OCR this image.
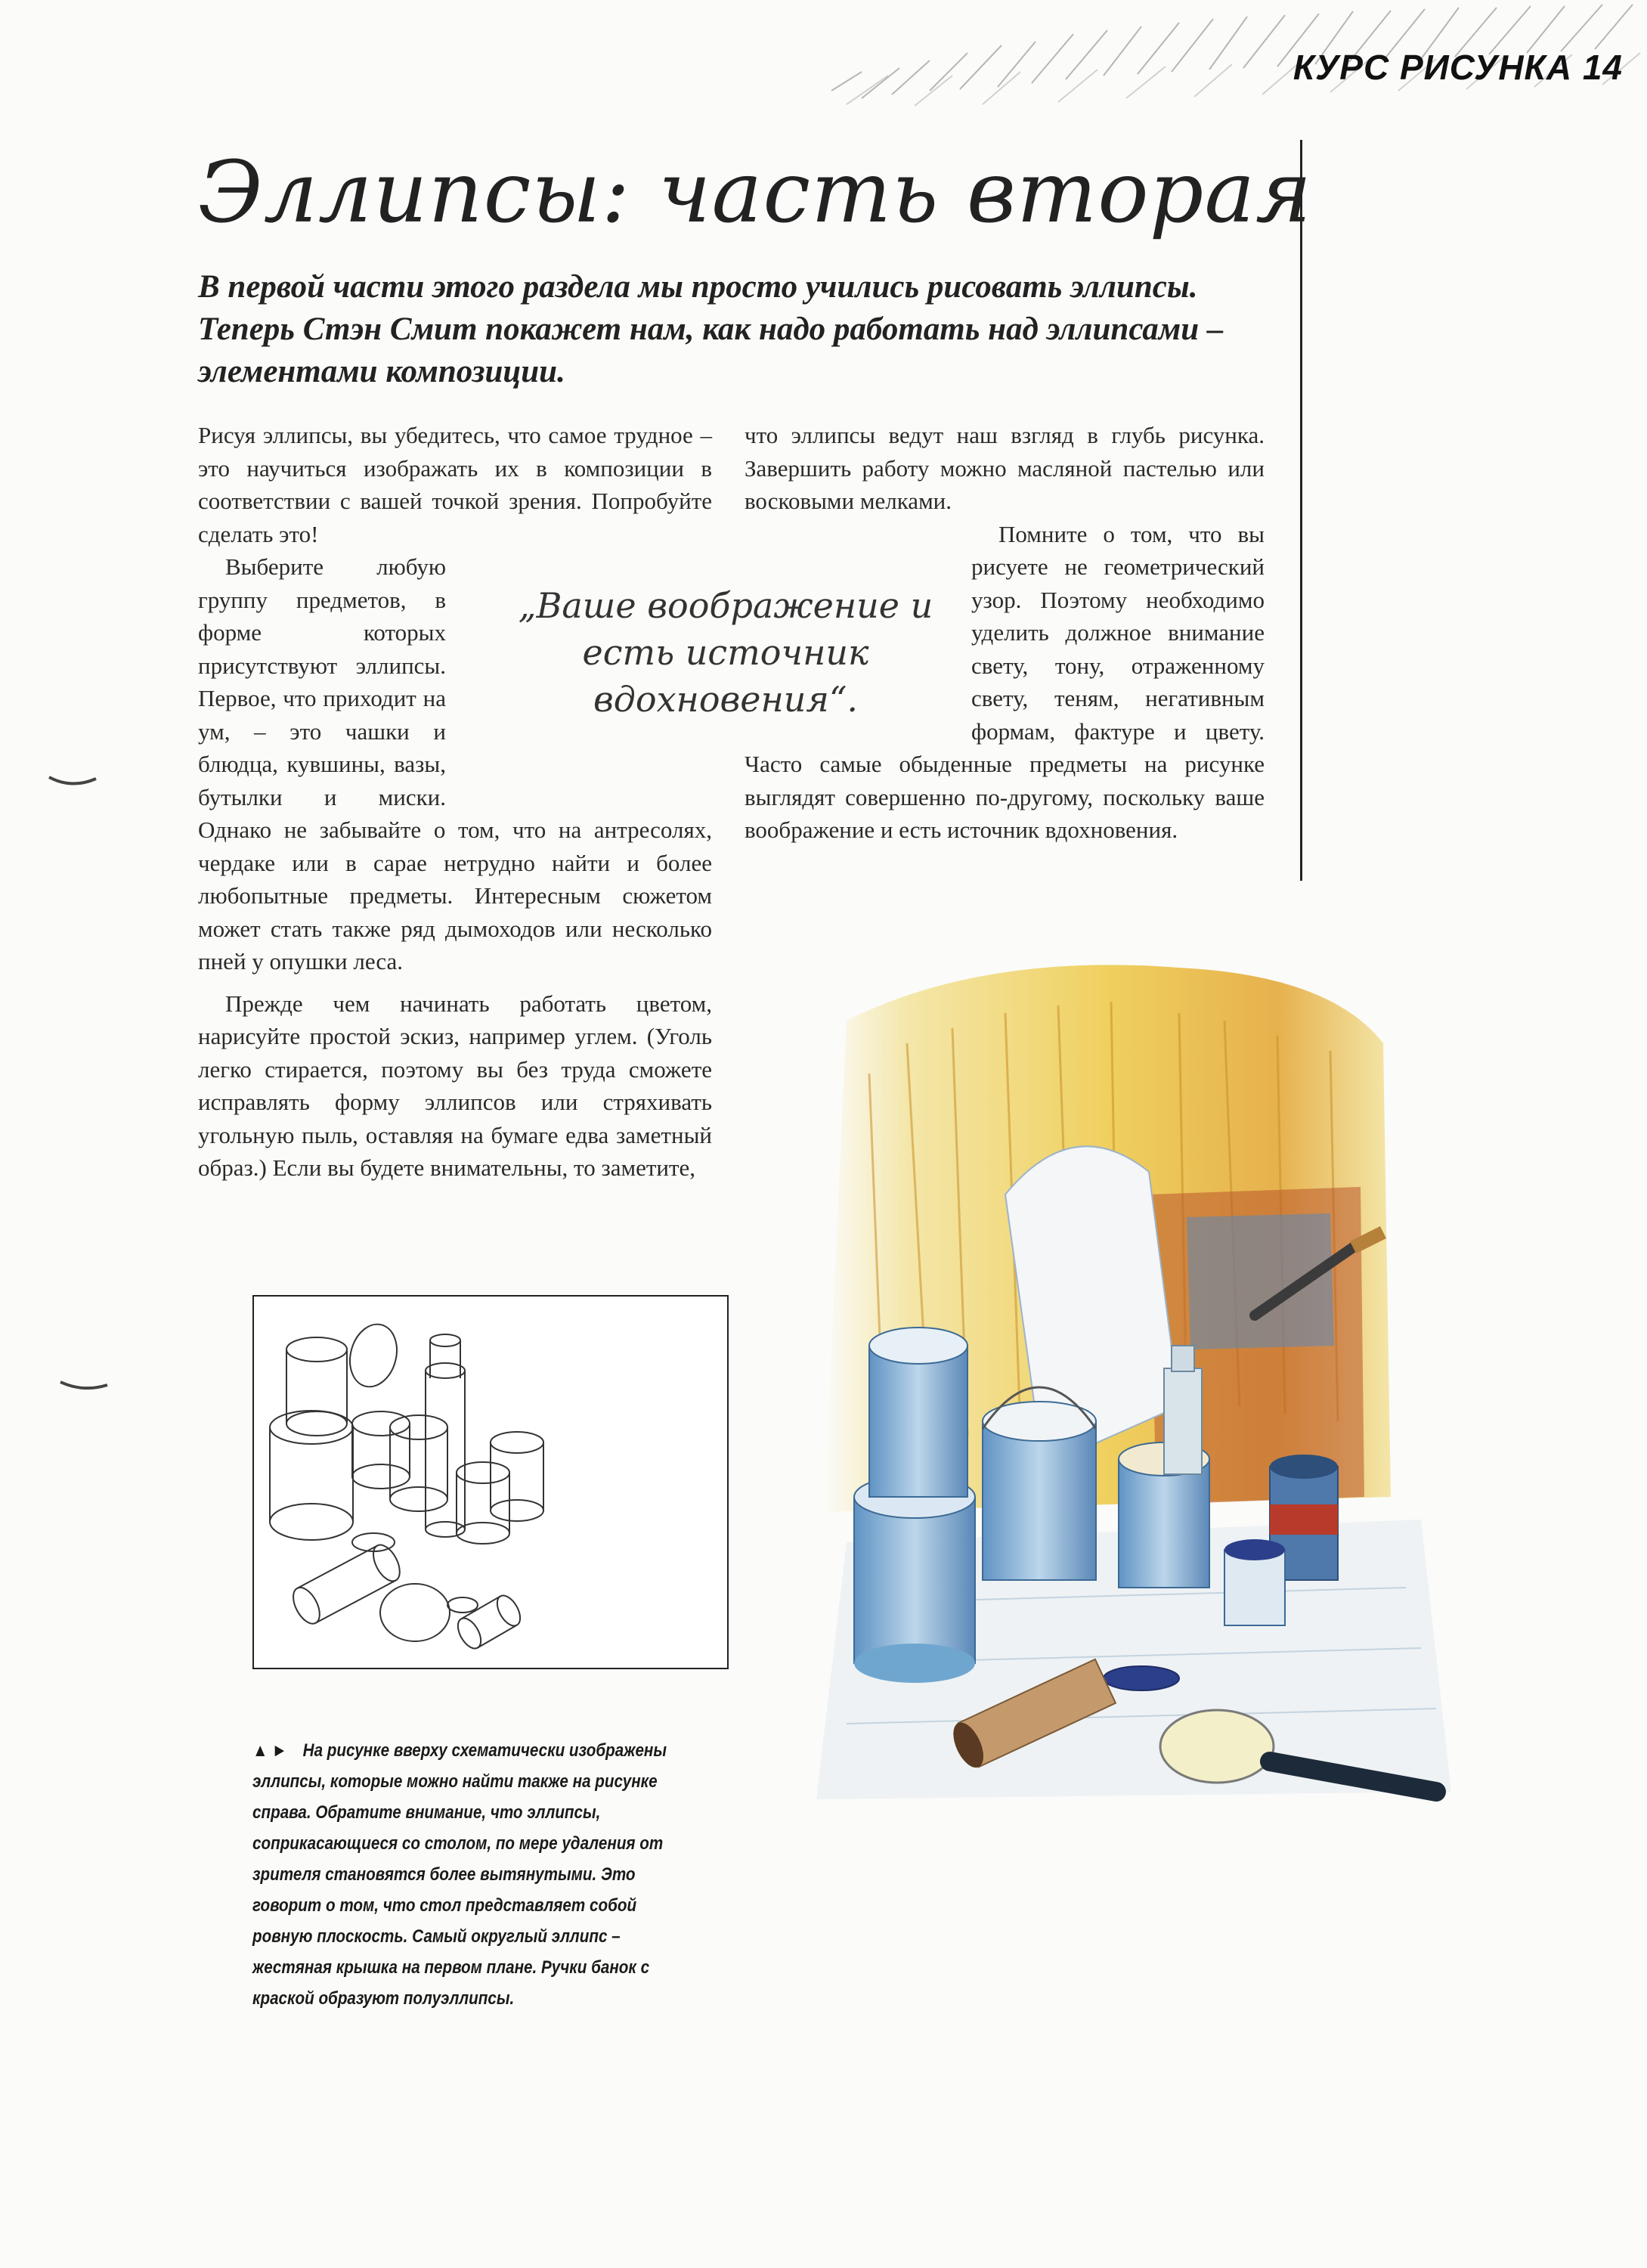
КУРС РИСУНКА 14
Эллипсы: часть вторая

В первой части этого раздела мы просто учились рисовать эллипсы. Теперь Стэн Смит покажет нам, как надо работать над эллипсами – элементами композиции.

Рисуя эллипсы, вы убедитесь, что самое трудное – это научиться изображать их в композиции в соответствии с вашей точкой зрения. Попробуйте сделать это!

Выберите любую группу предметов, в форме которых присутствуют эллипсы. Первое, что приходит на ум, – это чашки и блюдца, кувшины, вазы, бутылки и миски. Однако не забывайте о том, что на антресолях, чердаке или в сарае нетрудно найти и более любопытные предметы. Интересным сюжетом может стать также ряд дымоходов или несколько пней у опушки леса.

Прежде чем начинать работать цветом, нарисуйте простой эскиз, например углем. (Уголь легко стирается, поэтому вы без труда сможете исправлять форму эллипсов или стряхивать угольную пыль, оставляя на бумаге едва заметный образ.) Если вы будете внимательны, то заметите,

что эллипсы ведут наш взгляд в глубь рисунка. Завершить работу можно масляной пастелью или восковыми мелками.

Помните о том, что вы рисуете не геометрический узор. Поэтому необходимо уделить должное внимание свету, тону, отраженному свету, теням, негативным формам, фактуре и цвету. Часто самые обыденные предметы на рисунке выглядят совершенно по-другому, поскольку ваше воображение и есть источник вдохновения.

„Ваше воображение и есть источник вдохновения“.

▲► На рисунке вверху схематически изображены эллипсы, которые можно найти также на рисунке справа. Обратите внимание, что эллипсы, соприкасающиеся со столом, по мере удаления от зрителя становятся более вытянутыми. Это говорит о том, что стол представляет собой ровную плоскость. Самый округлый эллипс – жестяная крышка на первом плане. Ручки банок с краской образуют полуэллипсы.
